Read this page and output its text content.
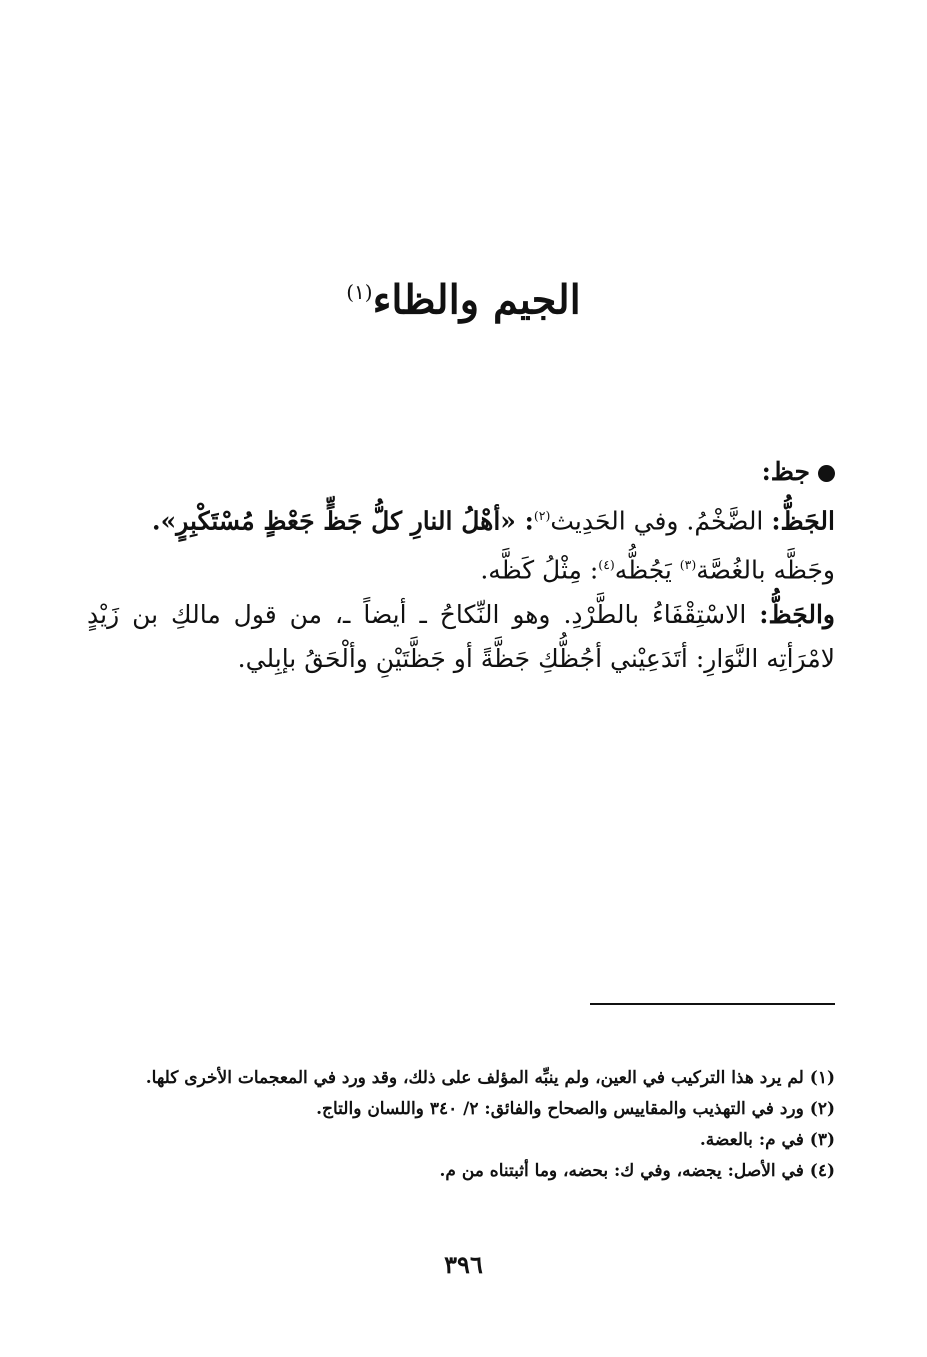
الجيم والظاء$^{(١)}$
جظ:

الجَظُّ: الضَّخْمُ. وفي الحَدِيث$^{(٢)}$: «أهْلُ النارِ كلُّ جَظٍّ جَعْظٍ مُسْتَكْبِرٍ».

وجَظَّه بالغُصَّة$^{(٣)}$ يَجُظُّه$^{(٤)}$: مِثْلُ كَظَّه.

والجَظُّ: الاسْتِقْفَاءُ بالطَّرْدِ. وهو النِّكاحُ ـ أيضاً ـ، من قول مالكِ بن زَيْدٍ لامْرَأتِه النَّوَارِ: أتَدَعِيْني أجُظُّكِ جَظَّةً أو جَظَّتَيْنِ وألْحَقُ بإبِلي.

(١) لم يرد هذا التركيب في العين، ولم ينبِّه المؤلف على ذلك، وقد ورد في المعجمات الأخرى كلها.
(٢) ورد في التهذيب والمقاييس والصحاح والفائق: ٢/ ٣٤٠ واللسان والتاج.
(٣) في م: بالعضة.
(٤) في الأصل: يجضه، وفي ك: بحضه، وما أثبتناه من م.
٣٩٦
